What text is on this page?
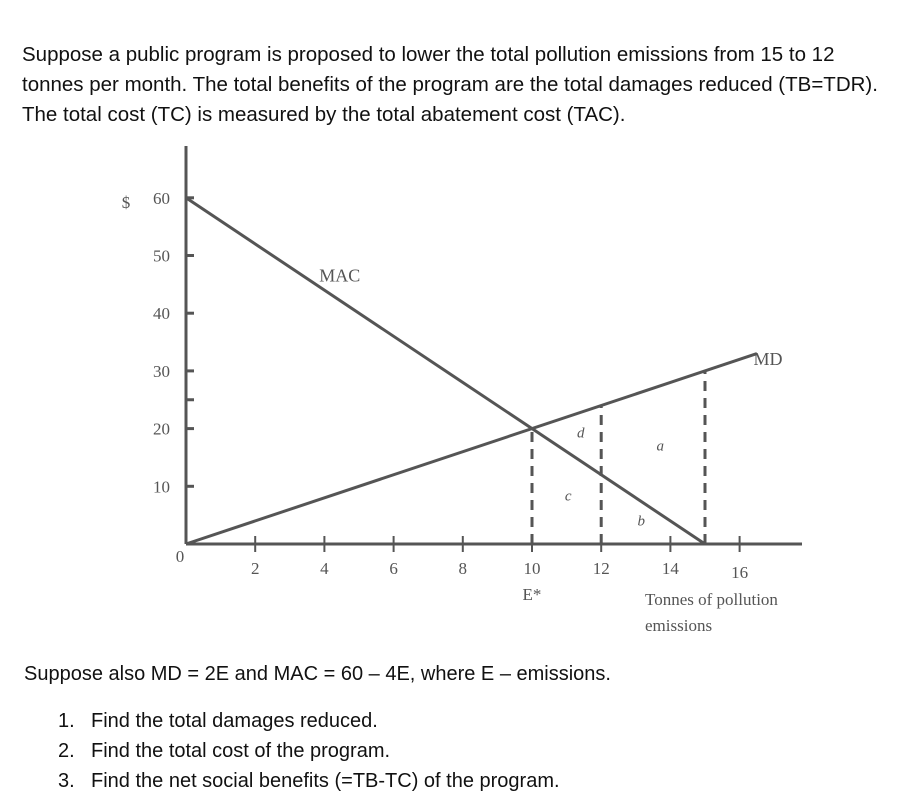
Suppose a public program is proposed to lower the total pollution emissions from 15 to 12

tonnes per month. The total benefits of the program are the total damages reduced (TB=TDR).

The total cost (TC) is measured by the total abatement cost (TAC).

$
0
10
20
30
40
50
60
2	4	6	8	10	12	14	16
MAC
MD
E*
d
c
a
b
Tonnes of pollution
emissions
Suppose also MD = 2E and MAC = 60 – 4E, where E – emissions.
1. Find the total damages reduced.
2. Find the total cost of the program.
3. Find the net social benefits (=TB-TC) of the program.
